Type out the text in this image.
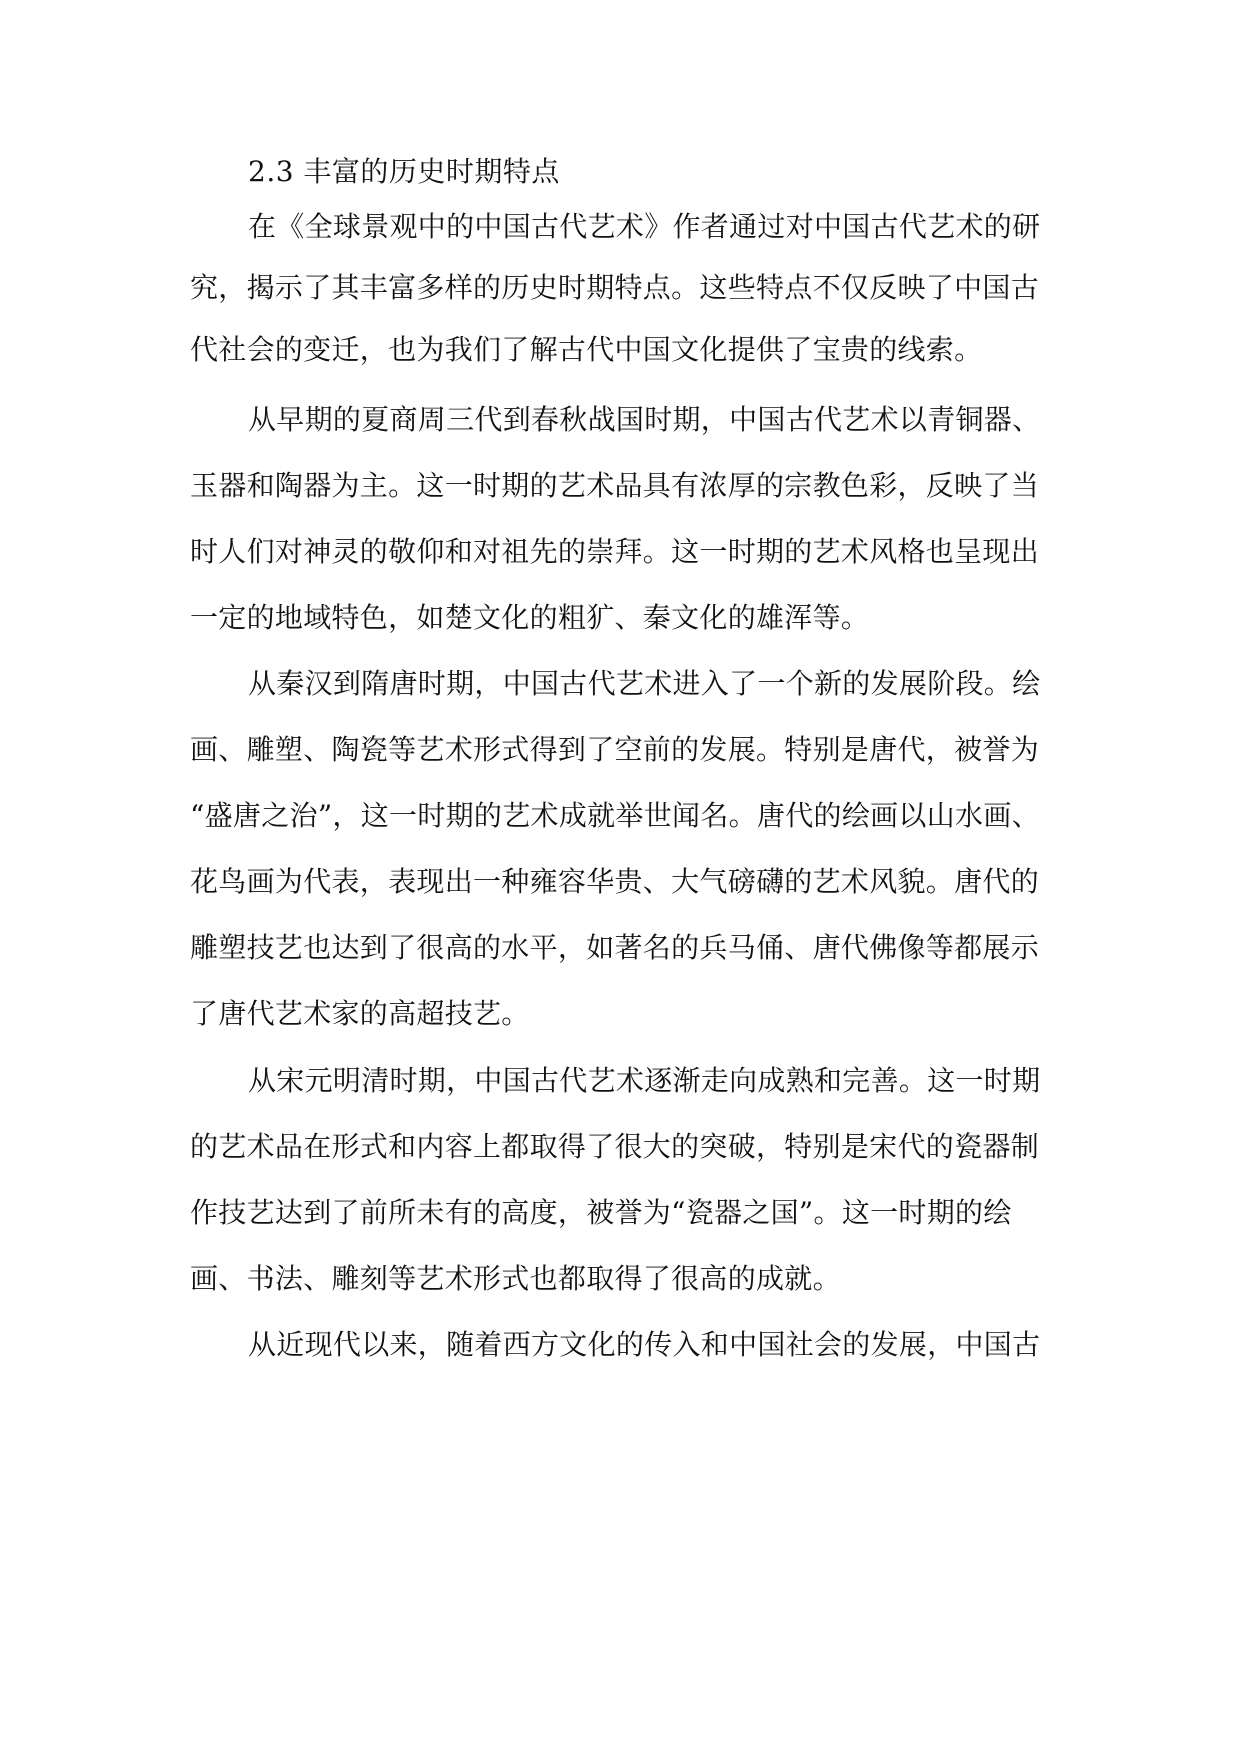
2.3 丰富的历史时期特点
在《全球景观中的中国古代艺术》作者通过对中国古代艺术的研
究，揭示了其丰富多样的历史时期特点。这些特点不仅反映了中国古
代社会的变迁，也为我们了解古代中国文化提供了宝贵的线索。
从早期的夏商周三代到春秋战国时期，中国古代艺术以青铜器、
玉器和陶器为主。这一时期的艺术品具有浓厚的宗教色彩，反映了当
时人们对神灵的敬仰和对祖先的崇拜。这一时期的艺术风格也呈现出
一定的地域特色，如楚文化的粗犷、秦文化的雄浑等。
从秦汉到隋唐时期，中国古代艺术进入了一个新的发展阶段。绘
画、雕塑、陶瓷等艺术形式得到了空前的发展。特别是唐代，被誉为
“盛唐之治”，这一时期的艺术成就举世闻名。唐代的绘画以山水画、
花鸟画为代表，表现出一种雍容华贵、大气磅礴的艺术风貌。唐代的
雕塑技艺也达到了很高的水平，如著名的兵马俑、唐代佛像等都展示
了唐代艺术家的高超技艺。
从宋元明清时期，中国古代艺术逐渐走向成熟和完善。这一时期
的艺术品在形式和内容上都取得了很大的突破，特别是宋代的瓷器制
作技艺达到了前所未有的高度，被誉为“瓷器之国”。这一时期的绘
画、书法、雕刻等艺术形式也都取得了很高的成就。
从近现代以来，随着西方文化的传入和中国社会的发展，中国古
